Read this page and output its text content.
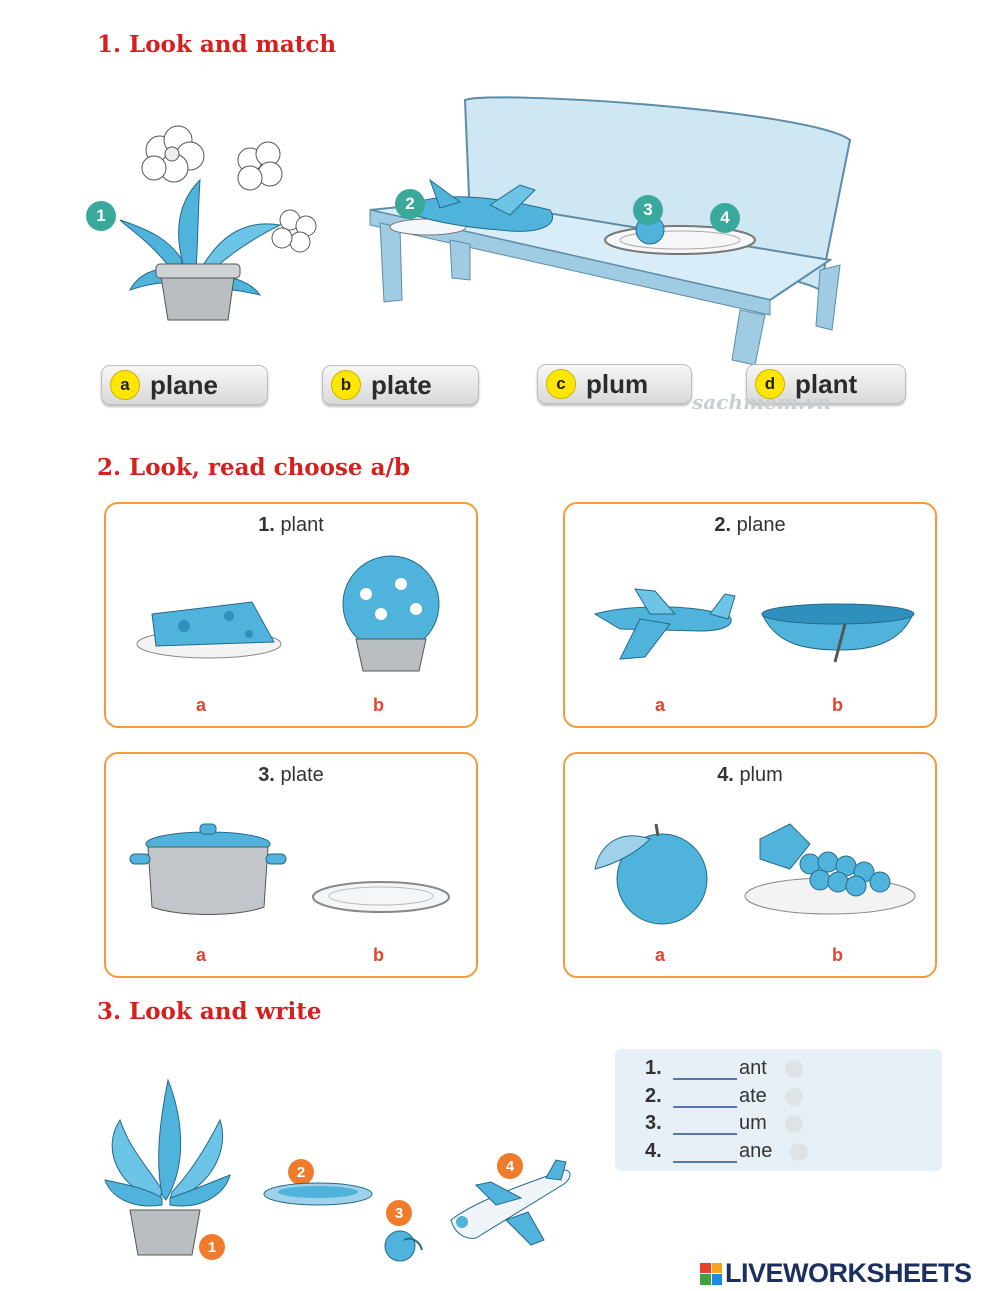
1. Look and match
1
2	3	4
a plane	b plate	c plum	d plant
sachmem.vn
2. Look, read choose a/b
1. plant
a	b
2. plane
a	b
3. plate
a	b
4. plum
a	b
3. Look and write
1
2
3
4
1.	ant
2.	ate
3.	um
4.	ane
LIVEWORKSHEETS
